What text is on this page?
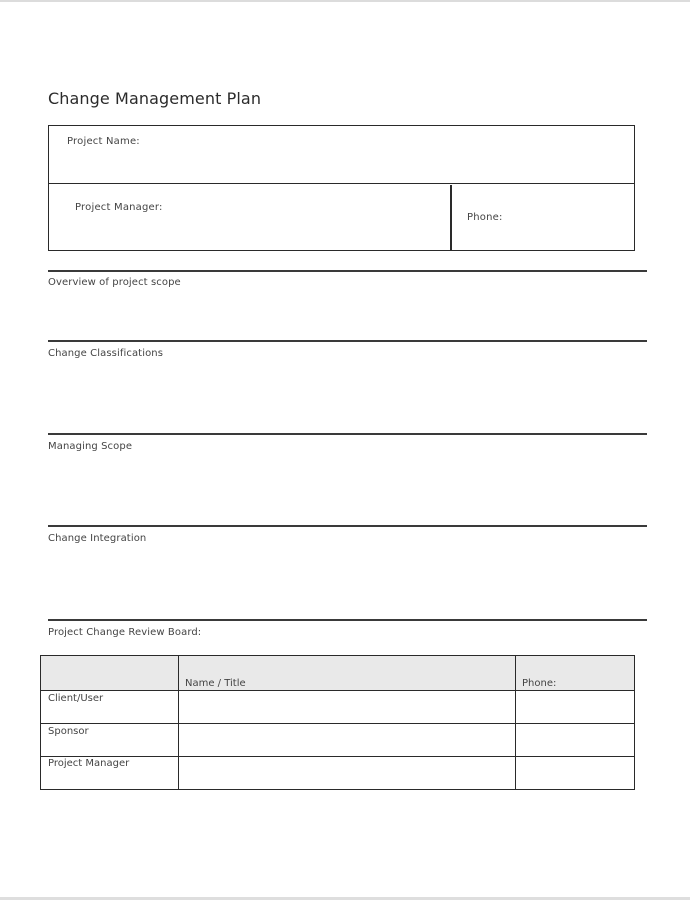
Change Management Plan
Project Name:
Project Manager:
Phone:
Overview of project scope
Change Classifications
Managing Scope
Change Integration
Project Change Review Board:
	Name / Title	Phone:
Client/User		
Sponsor		
Project Manager		
